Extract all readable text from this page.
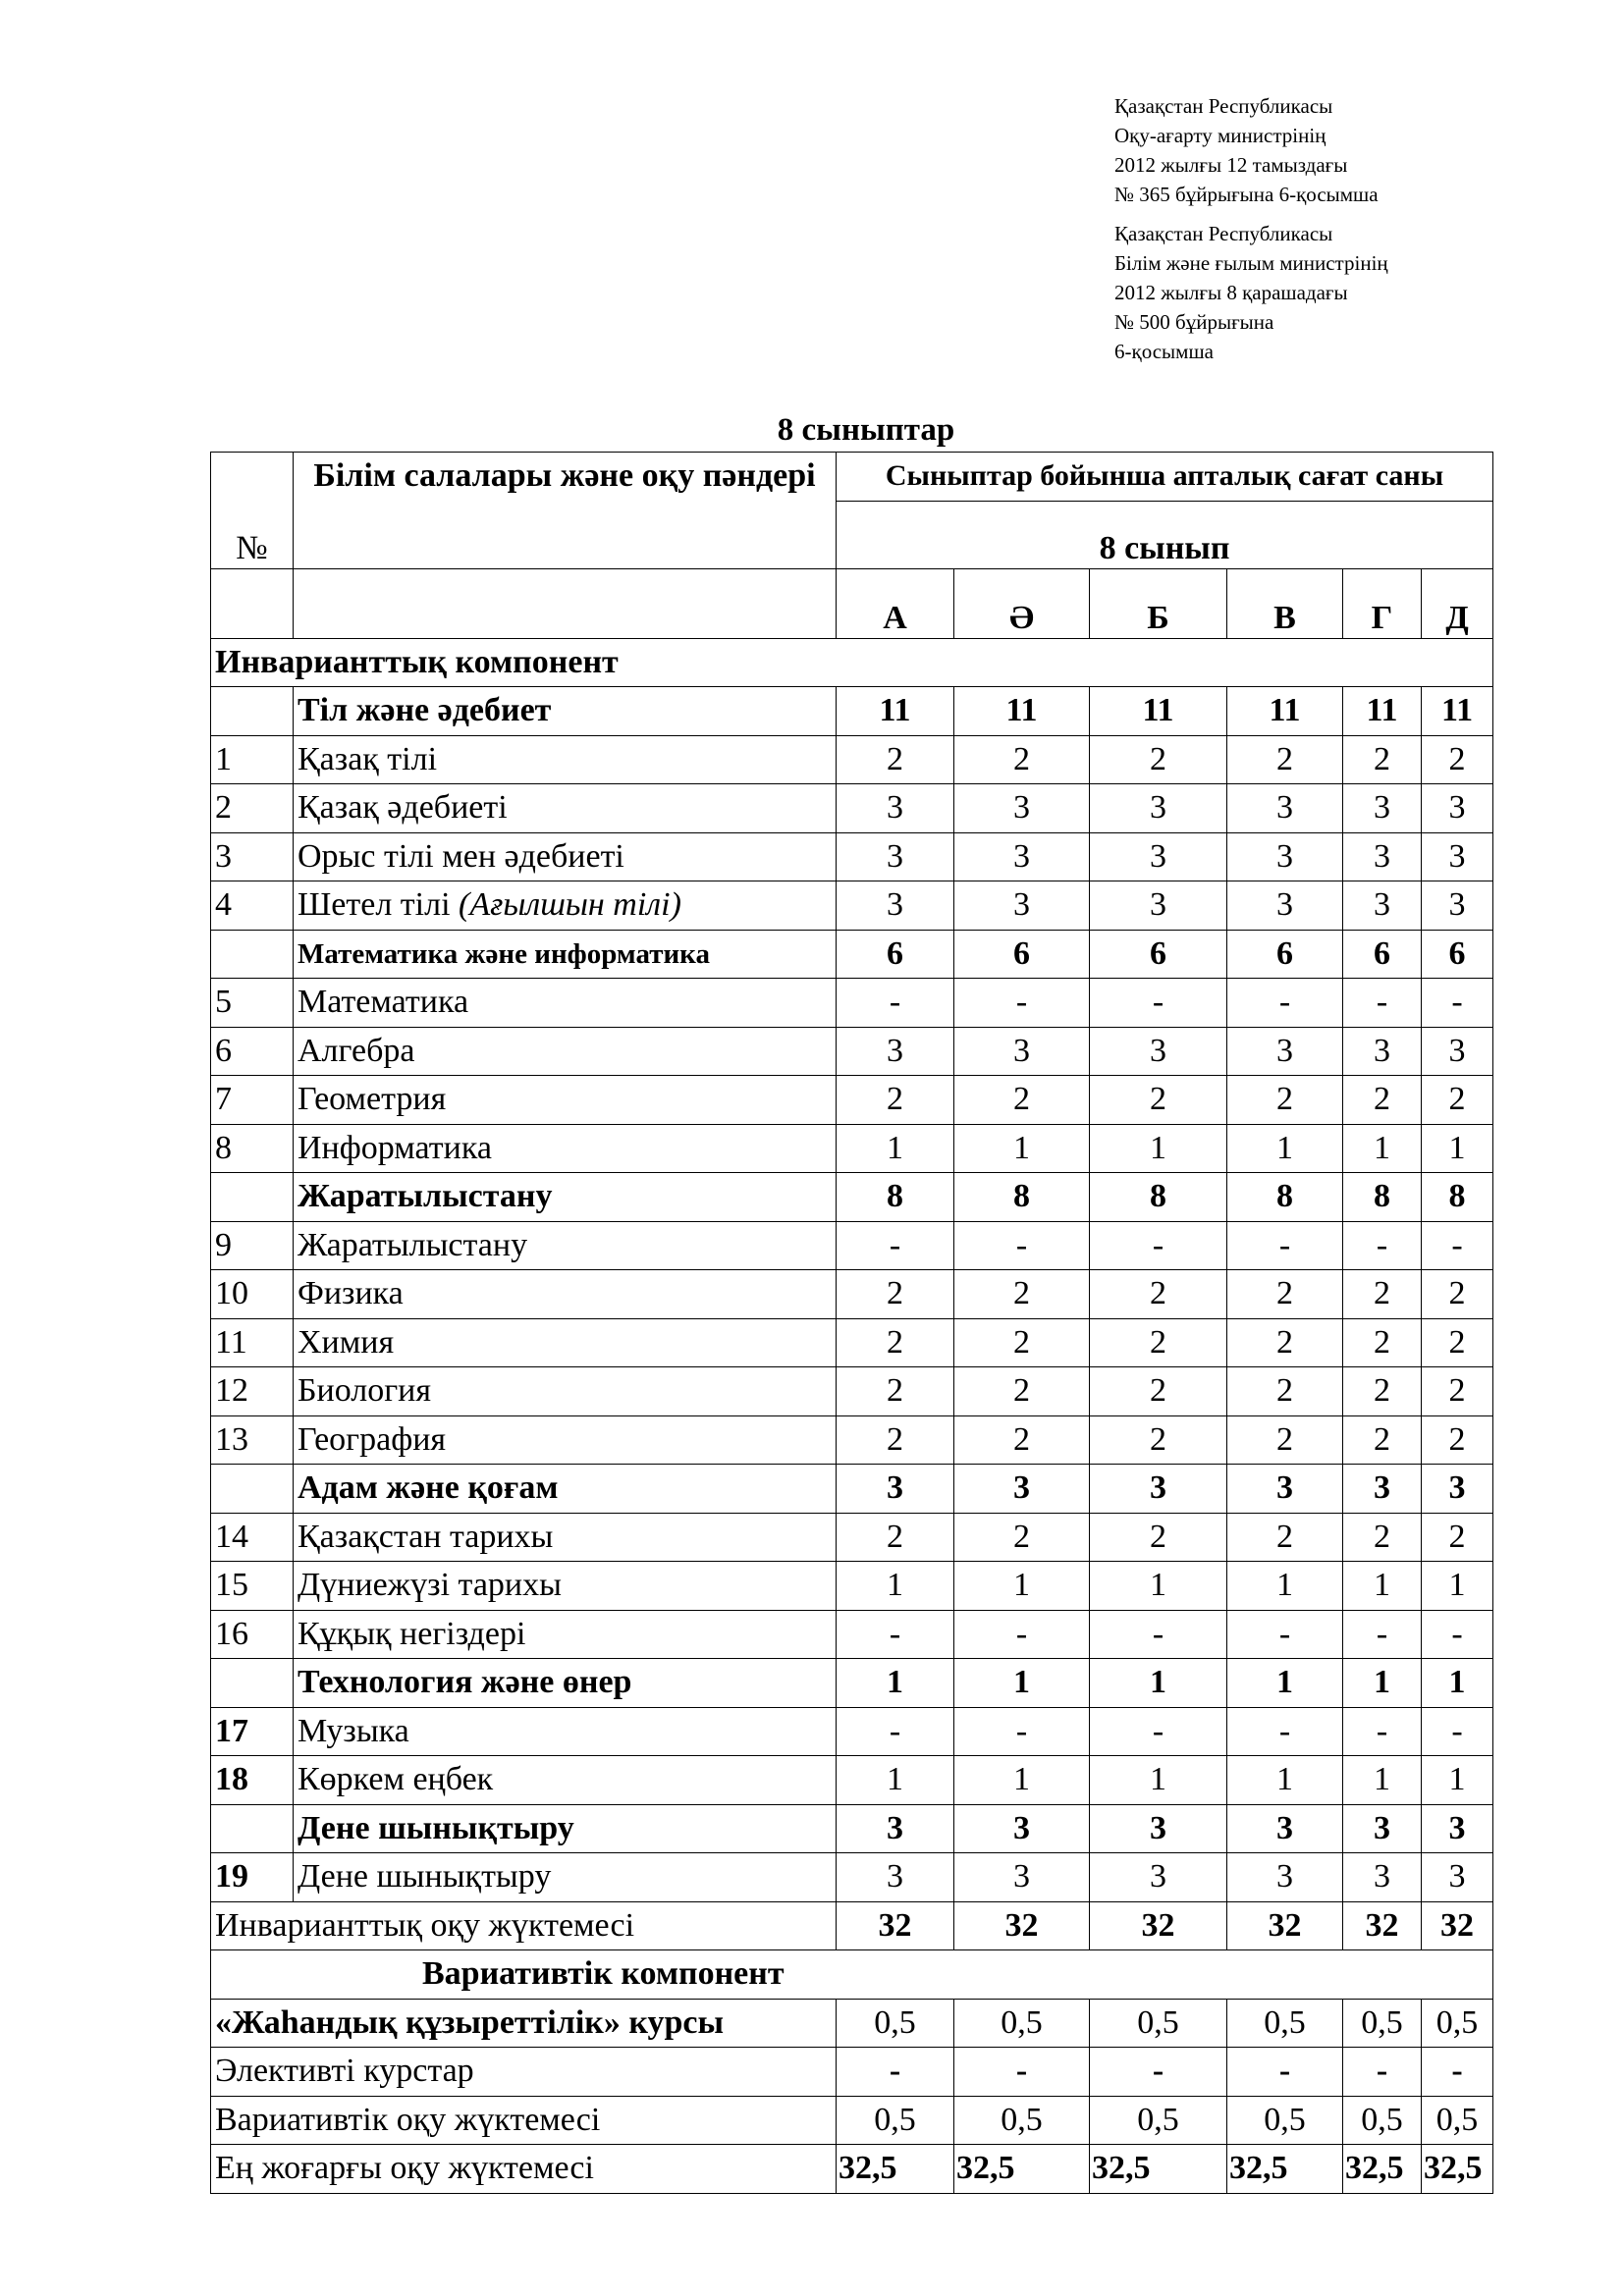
Қазақстан Республикасы
Оқу-ағарту министрінің
2012 жылғы 12 тамыздағы
№ 365 бұйрығына 6-қосымша
Қазақстан Республикасы
Білім және ғылым министрінің
2012 жылғы 8 қарашадағы
№ 500 бұйрығына
6-қосымша
8 сыныптар
№	Білім салалары және оқу пәндері	Сыныптар бойынша апталық сағат саны					
		8 сынып					
		А	Ә	Б	В	Г	Д
Инварианттық компонент							
	Тіл және әдебиет	11	11	11	11	11	11
1	Қазақ тілі	2	2	2	2	2	2
2	Қазақ әдебиеті	3	3	3	3	3	3
3	Орыс тілі мен әдебиеті	3	3	3	3	3	3
4	Шетел тілі (Ағылшын тілі)	3	3	3	3	3	3
	Математика және информатика	6	6	6	6	6	6
5	Математика	-	-	-	-	-	-
6	Алгебра	3	3	3	3	3	3
7	Геометрия	2	2	2	2	2	2
8	Информатика	1	1	1	1	1	1
	Жаратылыстану	8	8	8	8	8	8
9	Жаратылыстану	-	-	-	-	-	-
10	Физика	2	2	2	2	2	2
11	Химия	2	2	2	2	2	2
12	Биология	2	2	2	2	2	2
13	География	2	2	2	2	2	2
	Адам және қоғам	3	3	3	3	3	3
14	Қазақстан тарихы	2	2	2	2	2	2
15	Дүниежүзі тарихы	1	1	1	1	1	1
16	Құқық негіздері	-	-	-	-	-	-
	Технология және өнер	1	1	1	1	1	1
17	Музыка	-	-	-	-	-	-
18	Көркем еңбек	1	1	1	1	1	1
	Дене шынықтыру	3	3	3	3	3	3
19	Дене шынықтыру	3	3	3	3	3	3
Инварианттық оқу жүктемесі		32	32	32	32	32	32
Вариативтік компонент							
«Жаһандық құзыреттілік» курсы		0,5	0,5	0,5	0,5	0,5	0,5
Элективті курстар		-	-	-	-	-	-
Вариативтік оқу жүктемесі		0,5	0,5	0,5	0,5	0,5	0,5
Ең жоғарғы оқу жүктемесі		32,5	32,5	32,5	32,5	32,5	32,5
